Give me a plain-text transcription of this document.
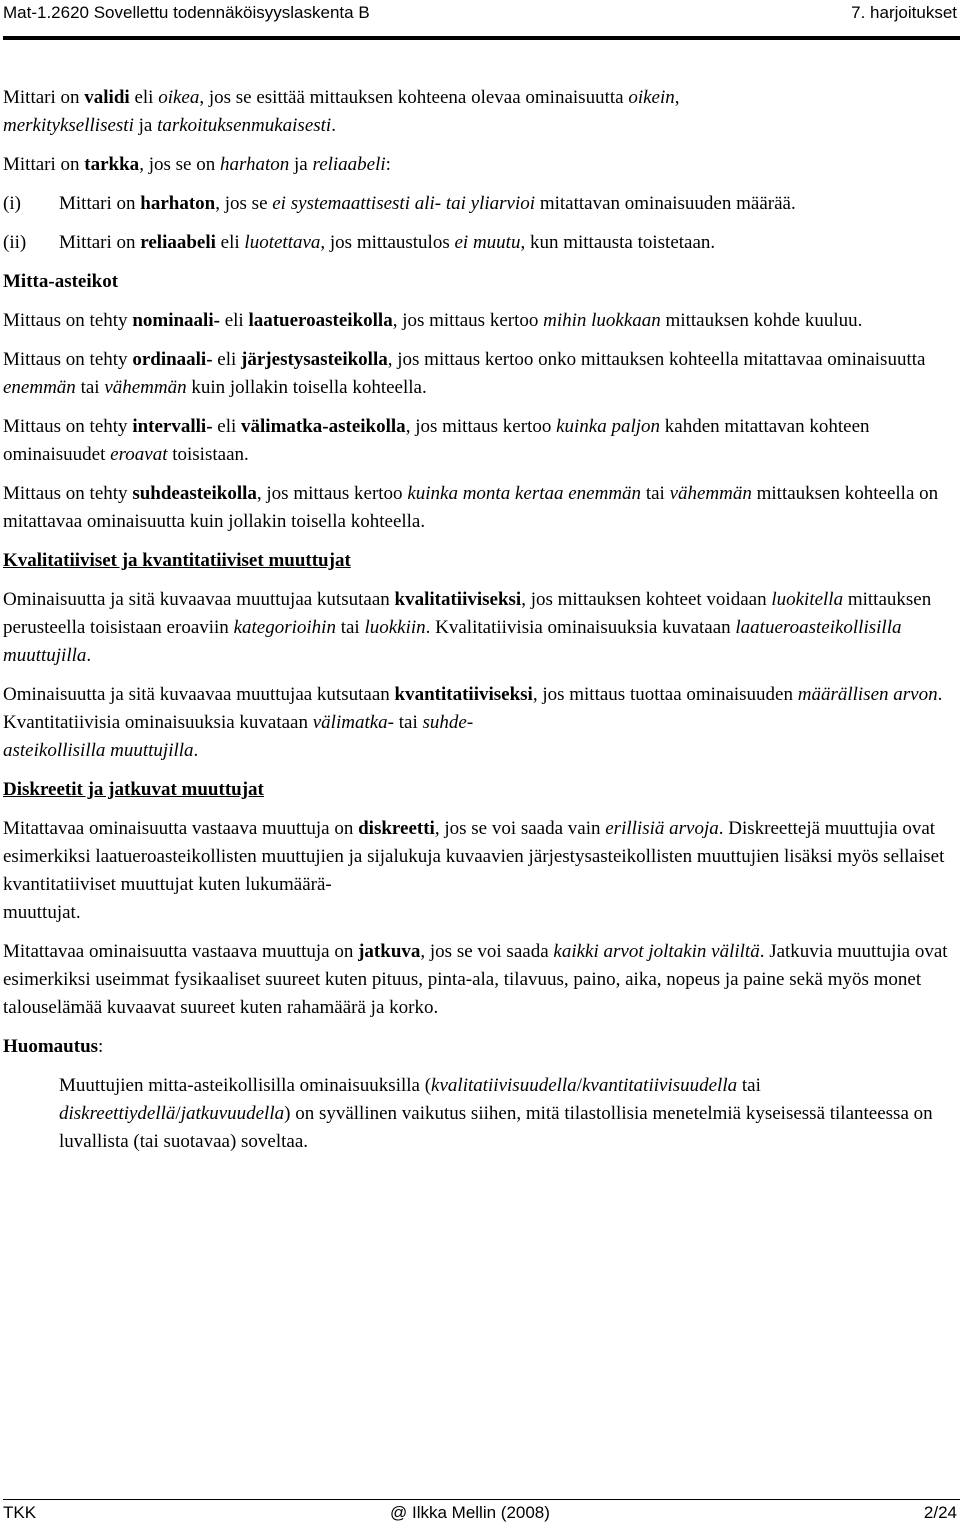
Mat-1.2620 Sovellettu todennäköisyyslaskenta B	7. harjoitukset

Mittari on validi eli oikea, jos se esittää mittauksen kohteena olevaa ominaisuutta oikein,
merkityksellisesti ja tarkoituksenmukaisesti.

Mittari on tarkka, jos se on harhaton ja reliaabeli:

(i)	Mittari on harhaton, jos se ei systemaattisesti ali- tai yliarvioi mitattavan ominaisuuden määrää.
(ii)	Mittari on reliaabeli eli luotettava, jos mittaustulos ei muutu, kun mittausta toistetaan.

Mitta-asteikot

Mittaus on tehty nominaali- eli laatueroasteikolla, jos mittaus kertoo mihin luokkaan mittauksen kohde kuuluu.

Mittaus on tehty ordinaali- eli järjestysasteikolla, jos mittaus kertoo onko mittauksen kohteella mitattavaa ominaisuutta enemmän tai vähemmän kuin jollakin toisella kohteella.

Mittaus on tehty intervalli- eli välimatka-asteikolla, jos mittaus kertoo kuinka paljon kahden mitattavan kohteen ominaisuudet eroavat toisistaan.

Mittaus on tehty suhdeasteikolla, jos mittaus kertoo kuinka monta kertaa enemmän tai vähemmän mittauksen kohteella on mitattavaa ominaisuutta kuin jollakin toisella kohteella.

Kvalitatiiviset ja kvantitatiiviset muuttujat

Ominaisuutta ja sitä kuvaavaa muuttujaa kutsutaan kvalitatiiviseksi, jos mittauksen kohteet voidaan luokitella mittauksen perusteella toisistaan eroaviin kategorioihin tai luokkiin. Kvalitatiivisia ominaisuuksia kuvataan laatueroasteikollisilla muuttujilla.

Ominaisuutta ja sitä kuvaavaa muuttujaa kutsutaan kvantitatiiviseksi, jos mittaus tuottaa ominaisuuden määrällisen arvon. Kvantitatiivisia ominaisuuksia kuvataan välimatka- tai suhde-
asteikollisilla muuttujilla.

Diskreetit ja jatkuvat muuttujat

Mitattavaa ominaisuutta vastaava muuttuja on diskreetti, jos se voi saada vain erillisiä arvoja. Diskreettejä muuttujia ovat esimerkiksi laatueroasteikollisten muuttujien ja sijalukuja kuvaavien järjestysasteikollisten muuttujien lisäksi myös sellaiset kvantitatiiviset muuttujat kuten lukumäärä-
muuttujat.

Mitattavaa ominaisuutta vastaava muuttuja on jatkuva, jos se voi saada kaikki arvot joltakin väliltä. Jatkuvia muuttujia ovat esimerkiksi useimmat fysikaaliset suureet kuten pituus, pinta-ala, tilavuus, paino, aika, nopeus ja paine sekä myös monet talouselämää kuvaavat suureet kuten rahamäärä ja korko.

Huomautus:

Muuttujien mitta-asteikollisilla ominaisuuksilla (kvalitatiivisuudella/kvantitatiivisuudella tai diskreettiydellä/jatkuvuudella) on syvällinen vaikutus siihen, mitä tilastollisia menetelmiä kyseisessä tilanteessa on luvallista (tai suotavaa) soveltaa.

TKK	@ Ilkka Mellin (2008)	2/24
